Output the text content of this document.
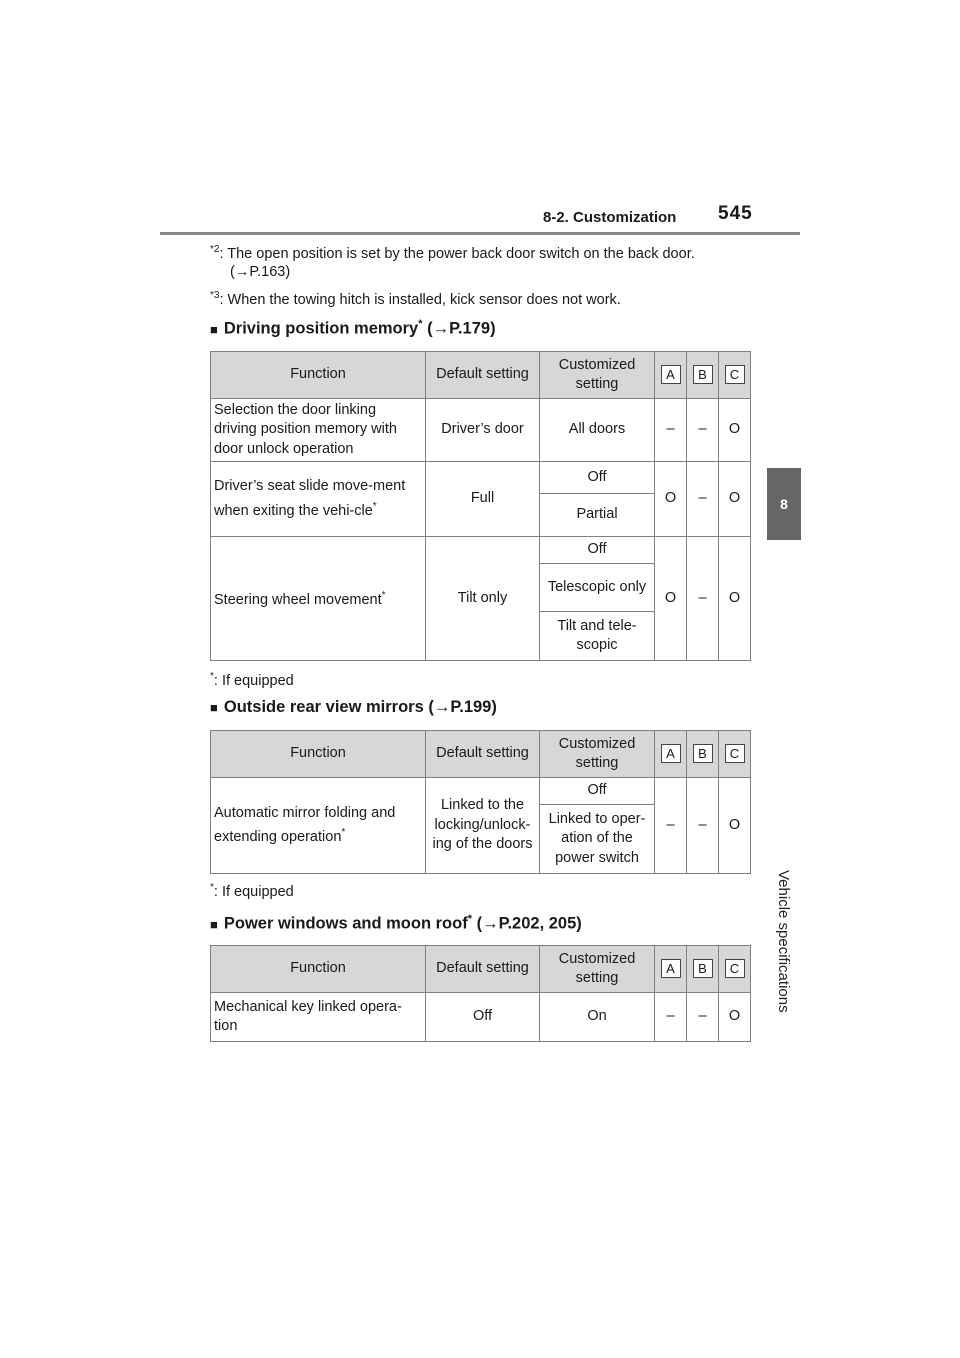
8-2. Customization 545
8
Vehicle specifications
$^{*2}$: The open position is set by the power back door switch on the back door.
(→P.163)
$^{*3}$: When the towing hitch is installed, kick sensor does not work.
■ Driving position memory* (→P.179)
Function	Default setting	Customized setting	A	B	C
Selection the door linking driving position memory with door unlock operation	Driver’s door	All doors	–	–	O
Driver’s seat slide move-ment when exiting the vehi-cle*	Full	Off	O	–	O
		Partial			
Steering wheel movement*	Tilt only	Off	O	–	O
		Telescopic only			
		Tilt and tele-scopic			
*: If equipped
■ Outside rear view mirrors (→P.199)
Function	Default setting	Customized setting	A	B	C
Automatic mirror folding and extending operation*	Linked to the locking/unlock-ing of the doors	Off	–	–	O
		Linked to oper-ation of the power switch			
*: If equipped
■ Power windows and moon roof* (→P.202, 205)
Function	Default setting	Customized setting	A	B	C
Mechanical key linked opera-tion	Off	On	–	–	O
